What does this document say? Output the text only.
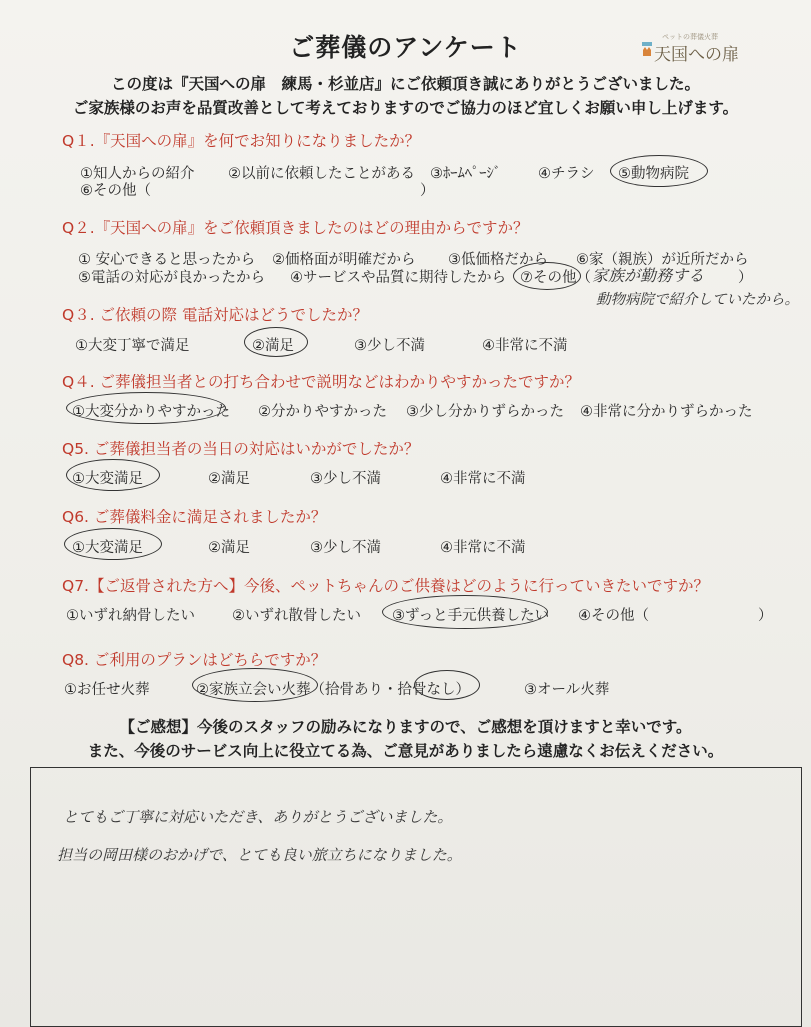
ご葬儀のアンケート	ペットの葬儀火葬
天国への扉
この度は『天国への扉　練馬・杉並店』にご依頼頂き誠にありがとうございました。
ご家族様のお声を品質改善として考えておりますのでご協力のほど宜しくお願い申し上げます。
Q１.『天国への扉』を何でお知りになりましたか？
①知人からの紹介 ②以前に依頼したことがある ③ﾎｰﾑﾍﾟｰｼﾞ	④チラシ ⑤動物病院
⑥その他（	）
Q２.『天国への扉』をご依頼頂きましたのはどの理由からですか？
① 安心できると思ったから ②価格面が明確だから ③低価格だから ⑥家（親族）が近所だから
⑤電話の対応が良かったから ④サービスや品質に期待したから ⑦その他（ 家族が勤務する ）
動物病院で紹介していたから。
Q３. ご依頼の際 電話対応はどうでしたか？
①大変丁寧で満足	②満足	③少し不満	④非常に不満
Q４. ご葬儀担当者との打ち合わせで説明などはわかりやすかったですか？
①大変分かりやすかった ②分かりやすかった ③少し分かりずらかった ④非常に分かりずらかった
Q5. ご葬儀担当者の当日の対応はいかがでしたか？
①大変満足	②満足	③少し不満	④非常に不満
Q6. ご葬儀料金に満足されましたか？
①大変満足	②満足	③少し不満	④非常に不満
Q7.【ご返骨された方へ】今後、ペットちゃんのご供養はどのように行っていきたいですか？
①いずれ納骨したい	②いずれ散骨したい ③ずっと手元供養したい ④その他（	）
Q8. ご利用のプランはどちらですか？
①お任せ火葬	②家族立会い火葬（拾骨あり・拾骨なし）	③オール火葬
【ご感想】今後のスタッフの励みになりますので、ご感想を頂けますと幸いです。
また、今後のサービス向上に役立てる為、ご意見がありましたら遠慮なくお伝えください。
とてもご丁寧に対応いただき、ありがとうございました。
担当の岡田様のおかげで、とても良い旅立ちになりました。
